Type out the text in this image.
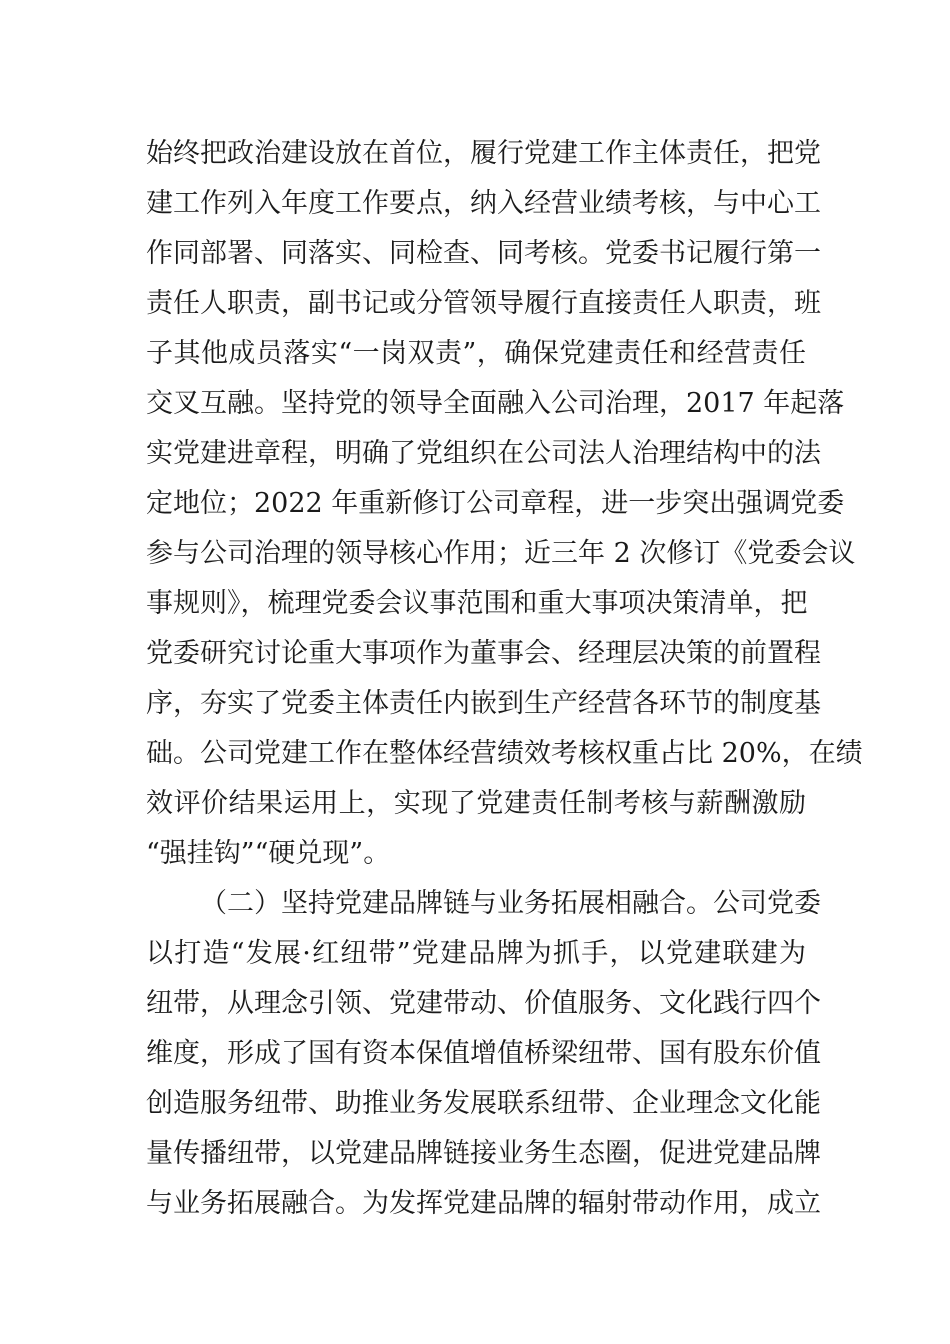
始终把政治建设放在首位，履行党建工作主体责任，把党
建工作列入年度工作要点，纳入经营业绩考核，与中心工
作同部署、同落实、同检查、同考核。党委书记履行第一
责任人职责，副书记或分管领导履行直接责任人职责，班
子其他成员落实“一岗双责”，确保党建责任和经营责任
交叉互融。坚持党的领导全面融入公司治理，2017 年起落
实党建进章程，明确了党组织在公司法人治理结构中的法
定地位；2022 年重新修订公司章程，进一步突出强调党委
参与公司治理的领导核心作用；近三年 2 次修订《党委会议
事规则》，梳理党委会议事范围和重大事项决策清单，把
党委研究讨论重大事项作为董事会、经理层决策的前置程
序，夯实了党委主体责任内嵌到生产经营各环节的制度基
础。公司党建工作在整体经营绩效考核权重占比 20%，在绩
效评价结果运用上，实现了党建责任制考核与薪酬激励
“强挂钩”“硬兑现”。
（二）坚持党建品牌链与业务拓展相融合。公司党委
以打造“发展·红纽带”党建品牌为抓手，以党建联建为
纽带，从理念引领、党建带动、价值服务、文化践行四个
维度，形成了国有资本保值增值桥梁纽带、国有股东价值
创造服务纽带、助推业务发展联系纽带、企业理念文化能
量传播纽带，以党建品牌链接业务生态圈，促进党建品牌
与业务拓展融合。为发挥党建品牌的辐射带动作用，成立
